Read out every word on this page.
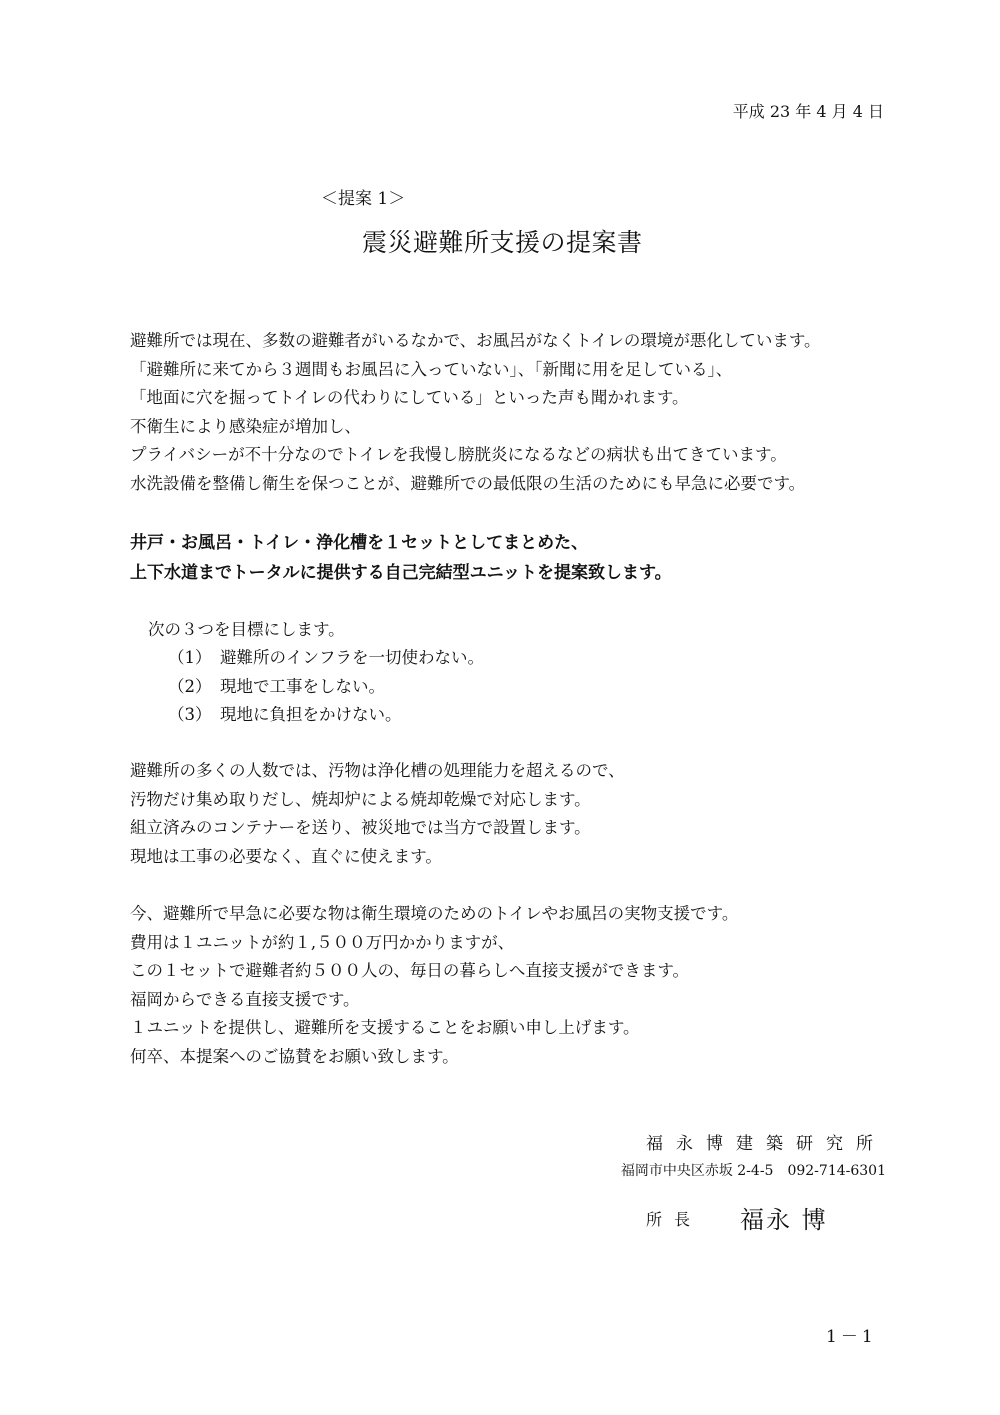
平成 23 年 4 月 4 日
＜提案 1＞
震災避難所支援の提案書
避難所では現在、多数の避難者がいるなかで、お風呂がなくトイレの環境が悪化しています。
「避難所に来てから３週間もお風呂に入っていない」、「新聞に用を足している」、
「地面に穴を掘ってトイレの代わりにしている」といった声も聞かれます。
不衛生により感染症が増加し、
プライバシーが不十分なのでトイレを我慢し膀胱炎になるなどの病状も出てきています。
水洗設備を整備し衛生を保つことが、避難所での最低限の生活のためにも早急に必要です。
井戸・お風呂・トイレ・浄化槽を１セットとしてまとめた、
上下水道までトータルに提供する自己完結型ユニットを提案致します。
次の３つを目標にします。
（1） 避難所のインフラを一切使わない。
（2） 現地で工事をしない。
（3） 現地に負担をかけない。
避難所の多くの人数では、汚物は浄化槽の処理能力を超えるので、
汚物だけ集め取りだし、焼却炉による焼却乾燥で対応します。
組立済みのコンテナーを送り、被災地では当方で設置します。
現地は工事の必要なく、直ぐに使えます。
今、避難所で早急に必要な物は衛生環境のためのトイレやお風呂の実物支援です。
費用は１ユニットが約１,５００万円かかりますが、
この１セットで避難者約５００人の、毎日の暮らしへ直接支援ができます。
福岡からできる直接支援です。
１ユニットを提供し、避難所を支援することをお願い申し上げます。
何卒、本提案へのご協賛をお願い致します。
福永博建築研究所
福岡市中央区赤坂 2-4-5　092-714-6301
所長 福永 博
1－1
